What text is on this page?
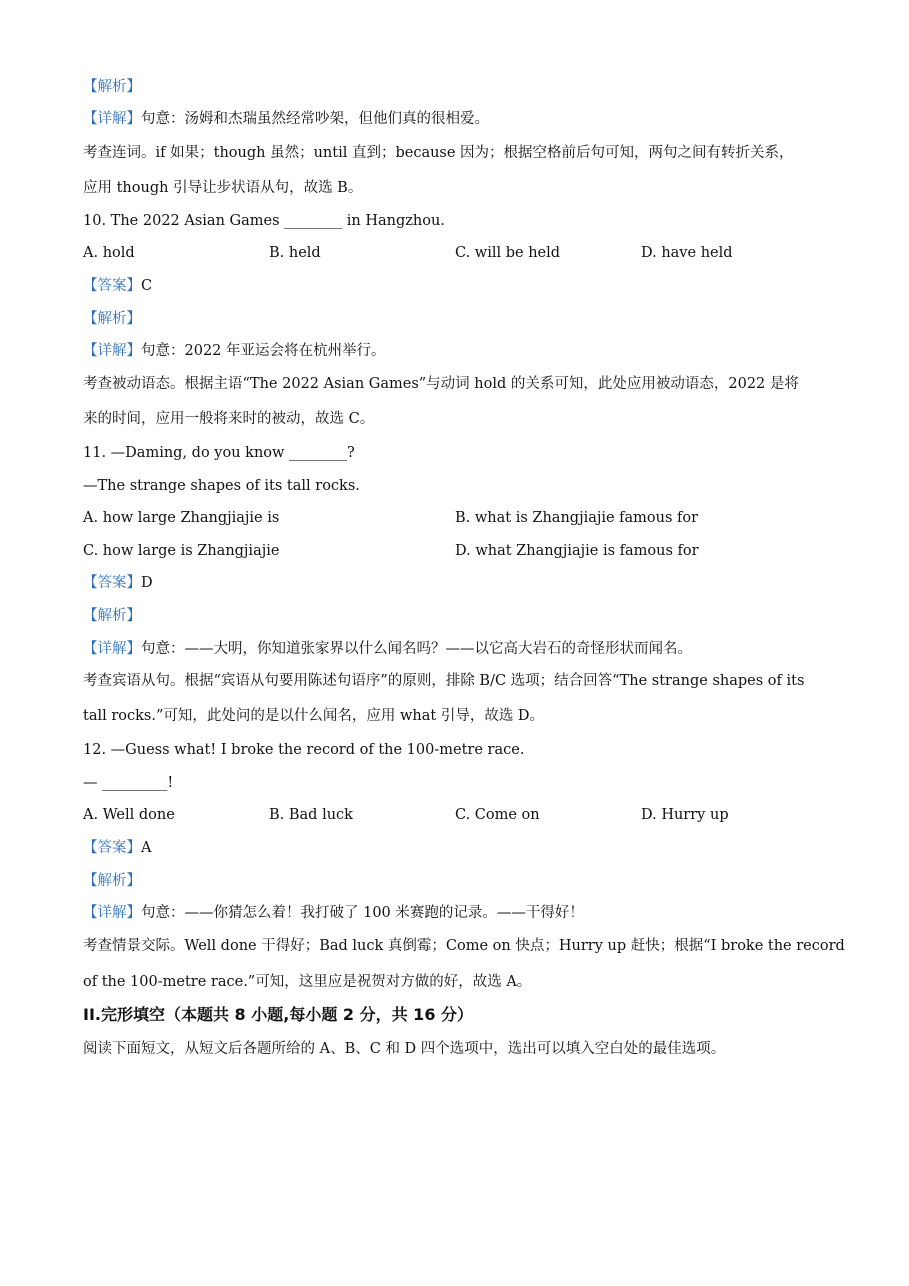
【解析】
【详解】句意：汤姆和杰瑞虽然经常吵架，但他们真的很相爱。
考查连词。if 如果；though 虽然；until 直到；because 因为；根据空格前后句可知，两句之间有转折关系，
应用 though 引导让步状语从句，故选 B。
10. The 2022 Asian Games ________ in Hangzhou.
A. hold	B. held	C. will be held	D. have held
【答案】C
【解析】
【详解】句意：2022 年亚运会将在杭州举行。
考查被动语态。根据主语“The 2022 Asian Games”与动词 hold 的关系可知，此处应用被动语态，2022 是将
来的时间，应用一般将来时的被动，故选 C。
11. —Daming, do you know ________?
—The strange shapes of its tall rocks.
A. how large Zhangjiajie is	B. what is Zhangjiajie famous for
C. how large is Zhangjiajie	D. what Zhangjiajie is famous for
【答案】D
【解析】
【详解】句意：——大明，你知道张家界以什么闻名吗？——以它高大岩石的奇怪形状而闻名。
考查宾语从句。根据“宾语从句要用陈述句语序”的原则，排除 B/C 选项；结合回答“The strange shapes of its
tall rocks.”可知，此处问的是以什么闻名，应用 what 引导，故选 D。
12. —Guess what! I broke the record of the 100-metre race.
— _________!
A. Well done	B. Bad luck	C. Come on	D. Hurry up
【答案】A
【解析】
【详解】句意：——你猜怎么着！我打破了 100 米赛跑的记录。——干得好！
考查情景交际。Well done 干得好；Bad luck 真倒霉；Come on 快点；Hurry up 赶快；根据“I broke the record
of the 100-metre race.”可知，这里应是祝贺对方做的好，故选 A。
II.完形填空（本题共 8 小题,每小题 2 分，共 16 分）
阅读下面短文，从短文后各题所给的 A、B、C 和 D 四个选项中，选出可以填入空白处的最佳选项。
